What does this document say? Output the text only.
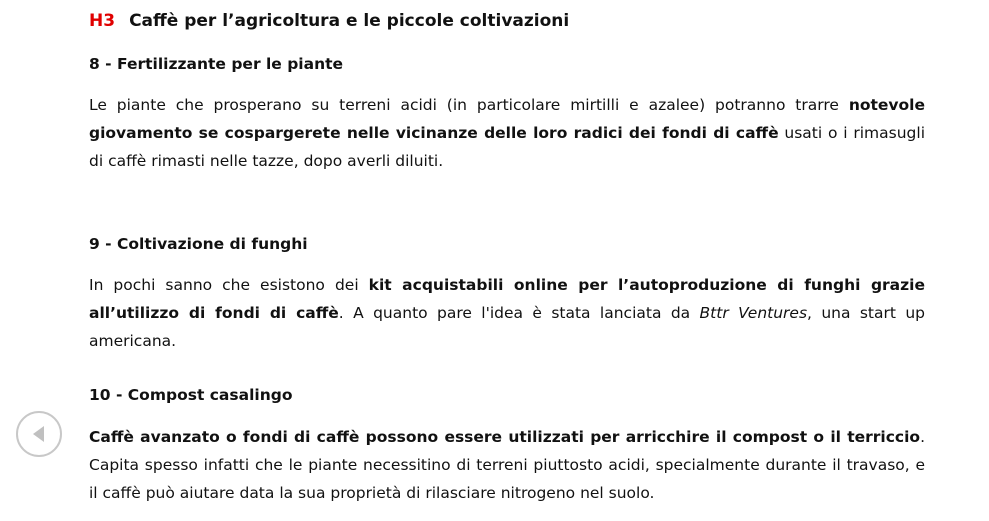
H3 Caffè per l’agricoltura e le piccole coltivazioni
8 - Fertilizzante per le piante

Le piante che prosperano su terreni acidi (in particolare mirtilli e azalee) potranno trarre notevole giovamento se cospargerete nelle vicinanze delle loro radici dei fondi di caffè usati o i rimasugli di caffè rimasti nelle tazze, dopo averli diluiti.

9 - Coltivazione di funghi

In pochi sanno che esistono dei kit acquistabili online per l’autoproduzione di funghi grazie all’utilizzo di fondi di caffè. A quanto pare l'idea è stata lanciata da Bttr Ventures, una start up americana.

10 - Compost casalingo

Caffè avanzato o fondi di caffè possono essere utilizzati per arricchire il compost o il terriccio. Capita spesso infatti che le piante necessitino di terreni piuttosto acidi, specialmente durante il travaso, e il caffè può aiutare data la sua proprietà di rilasciare nitrogeno nel suolo.
